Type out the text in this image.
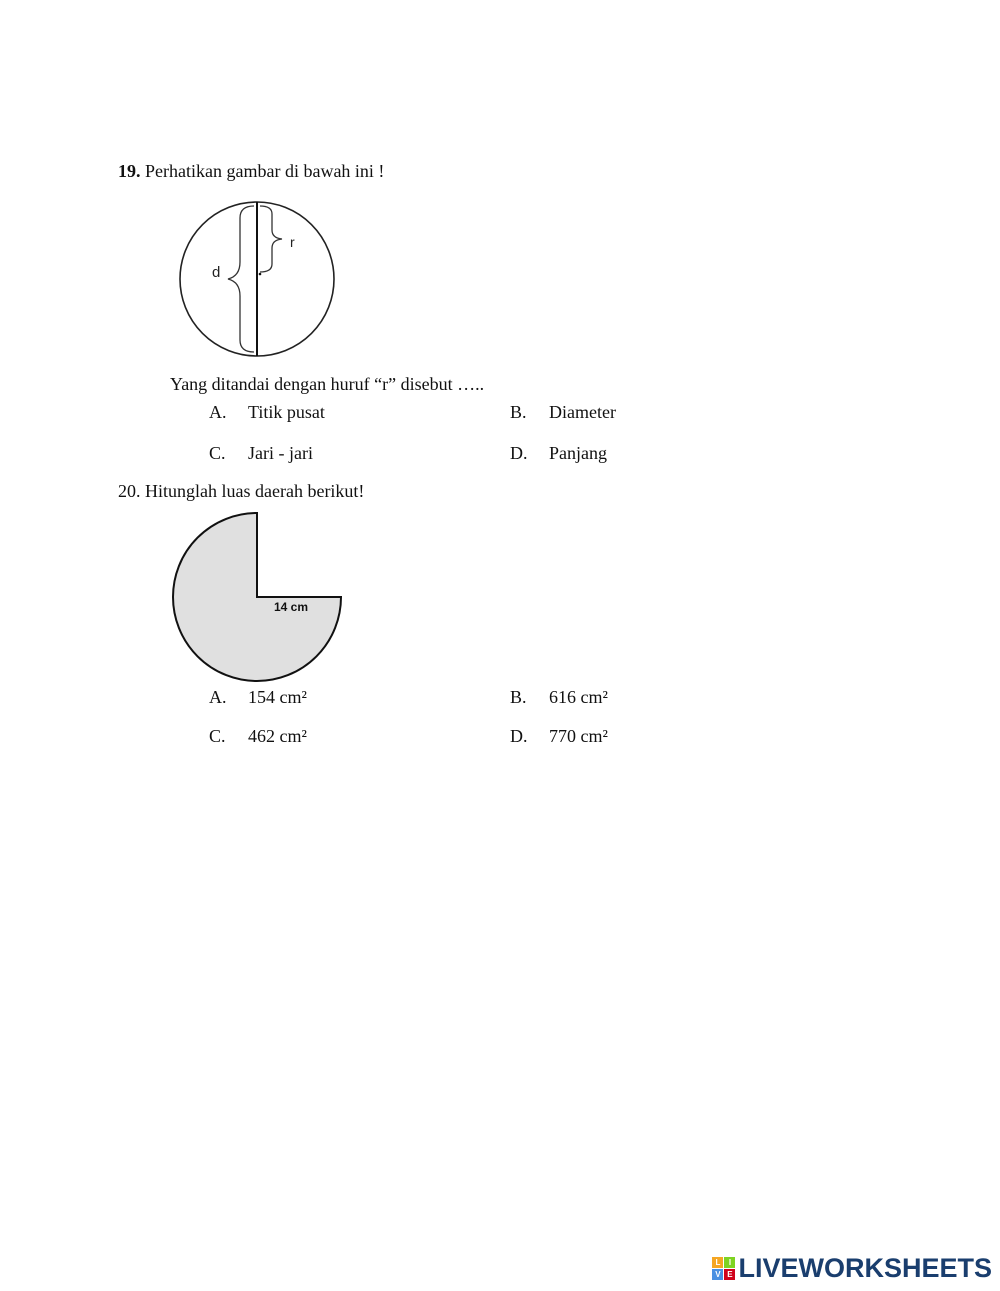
19. Perhatikan gambar di bawah ini !
d
r
Yang ditandai dengan huruf “r” disebut …..
A. Titik pusat	B. Diameter
C. Jari - jari	D. Panjang
20. Hitunglah luas daerah berikut!
14 cm
A. 154 cm²	B. 616 cm²
C. 462 cm²	D. 770 cm²
L	I
V E LIVEWORKSHEETS
